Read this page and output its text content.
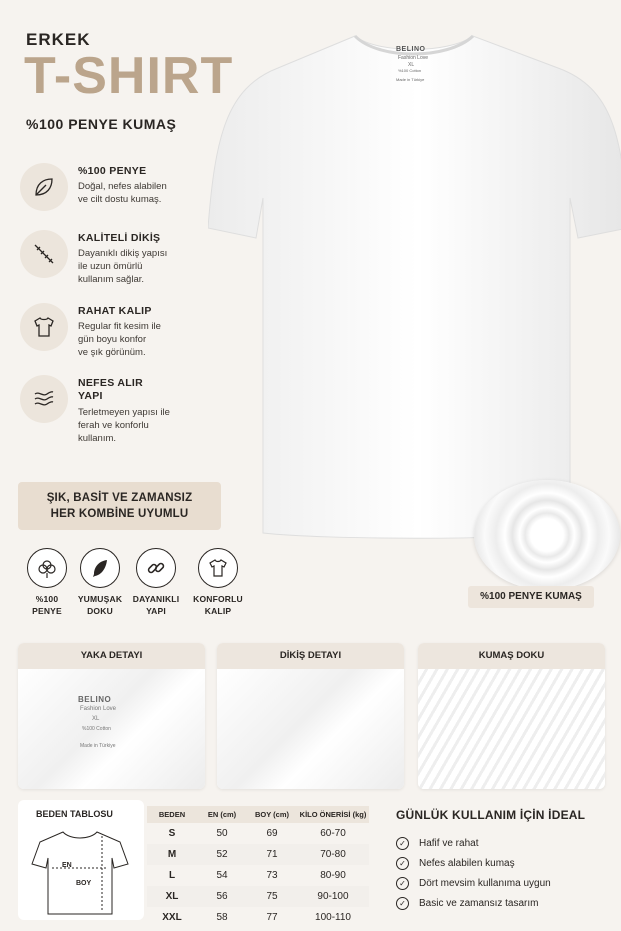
ERKEK
T-SHIRT
%100 PENYE KUMAŞ
%100 PENYE
Doğal, nefes alabilen
ve cilt dostu kumaş.
KALİTELİ DİKİŞ
Dayanıklı dikiş yapısı
ile uzun ömürlü
kullanım sağlar.
RAHAT KALIP
Regular fit kesim ile
gün boyu konfor
ve şık görünüm.
NEFES ALIR
YAPI
Terletmeyen yapısı ile
ferah ve konforlu
kullanım.
BELINO
Fashion Love
XL
%100 Cotton
Made in Türkiye
ŞIK, BASİT VE ZAMANSIZ
HER KOMBİNE UYUMLU
%100
PENYE
YUMUŞAK
DOKU
DAYANIKLI
YAPI
KONFORLU
KALIP
%100 PENYE KUMAŞ
YAKA DETAYI
BELINO
Fashion Love
XL
%100 Cotton
Made in Türkiye
DİKİŞ DETAYI	KUMAŞ DOKU
BEDEN TABLOSU
EN
BOY
BEDEN	EN (cm)	BOY (cm)	KİLO ÖNERİSİ (kg)
S	50	69	60-70
M	52	71	70-80
L	54	73	80-90
XL	56	75	90-100
XXL	58	77	100-110
GÜNLÜK KULLANIM İÇİN İDEAL
✓	Hafif ve rahat
✓	Nefes alabilen kumaş
✓	Dört mevsim kullanıma uygun
✓	Basic ve zamansız tasarım
